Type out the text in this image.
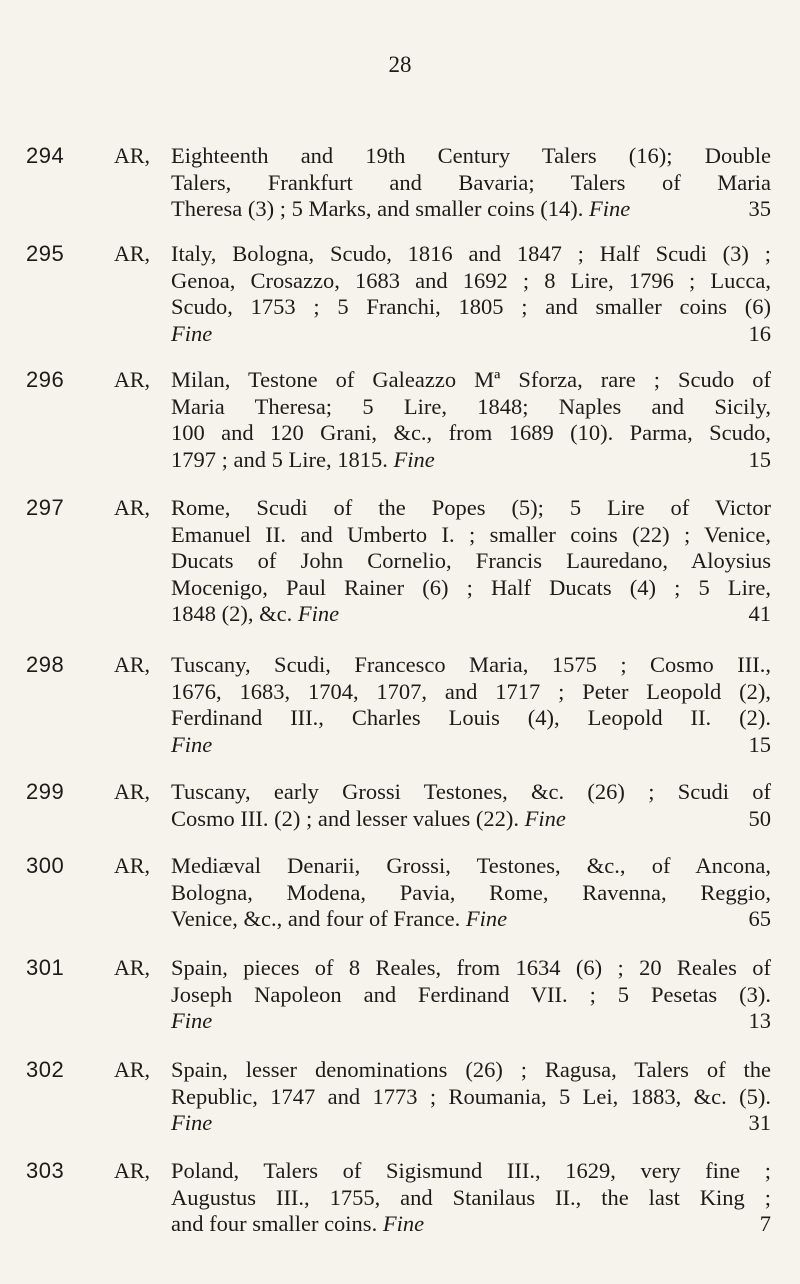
28
294 AR, Eighteenth and 19th Century Talers (16); Double
Talers, Frankfurt and Bavaria; Talers of Maria
Theresa (3) ; 5 Marks, and smaller coins (14). Fine	35
295 AR, Italy, Bologna, Scudo, 1816 and 1847 ; Half Scudi (3) ;
Genoa, Crosazzo, 1683 and 1692 ; 8 Lire, 1796 ; Lucca,
Scudo, 1753 ; 5 Franchi, 1805 ; and smaller coins (6)
Fine	16
296 AR, Milan, Testone of Galeazzo Mª Sforza, rare ; Scudo of
Maria Theresa; 5 Lire, 1848; Naples and Sicily,
100 and 120 Grani, &c., from 1689 (10). Parma, Scudo,
1797 ; and 5 Lire, 1815. Fine	15
297 AR, Rome, Scudi of the Popes (5); 5 Lire of Victor
Emanuel II. and Umberto I. ; smaller coins (22) ; Venice,
Ducats of John Cornelio, Francis Lauredano, Aloysius
Mocenigo, Paul Rainer (6) ; Half Ducats (4) ; 5 Lire,
1848 (2), &c. Fine	41
298 AR, Tuscany, Scudi, Francesco Maria, 1575 ; Cosmo III.,
1676, 1683, 1704, 1707, and 1717 ; Peter Leopold (2),
Ferdinand III., Charles Louis (4), Leopold II. (2).
Fine	15
299 AR, Tuscany, early Grossi Testones, &c. (26) ; Scudi of
Cosmo III. (2) ; and lesser values (22). Fine	50
300 AR, Mediæval Denarii, Grossi, Testones, &c., of Ancona,
Bologna, Modena, Pavia, Rome, Ravenna, Reggio,
Venice, &c., and four of France. Fine	65
301 AR, Spain, pieces of 8 Reales, from 1634 (6) ; 20 Reales of
Joseph Napoleon and Ferdinand VII. ; 5 Pesetas (3).
Fine	13
302 AR, Spain, lesser denominations (26) ; Ragusa, Talers of the
Republic, 1747 and 1773 ; Roumania, 5 Lei, 1883, &c. (5).
Fine	31
303 AR, Poland, Talers of Sigismund III., 1629, very fine ;
Augustus III., 1755, and Stanilaus II., the last King ;
and four smaller coins. Fine	7
